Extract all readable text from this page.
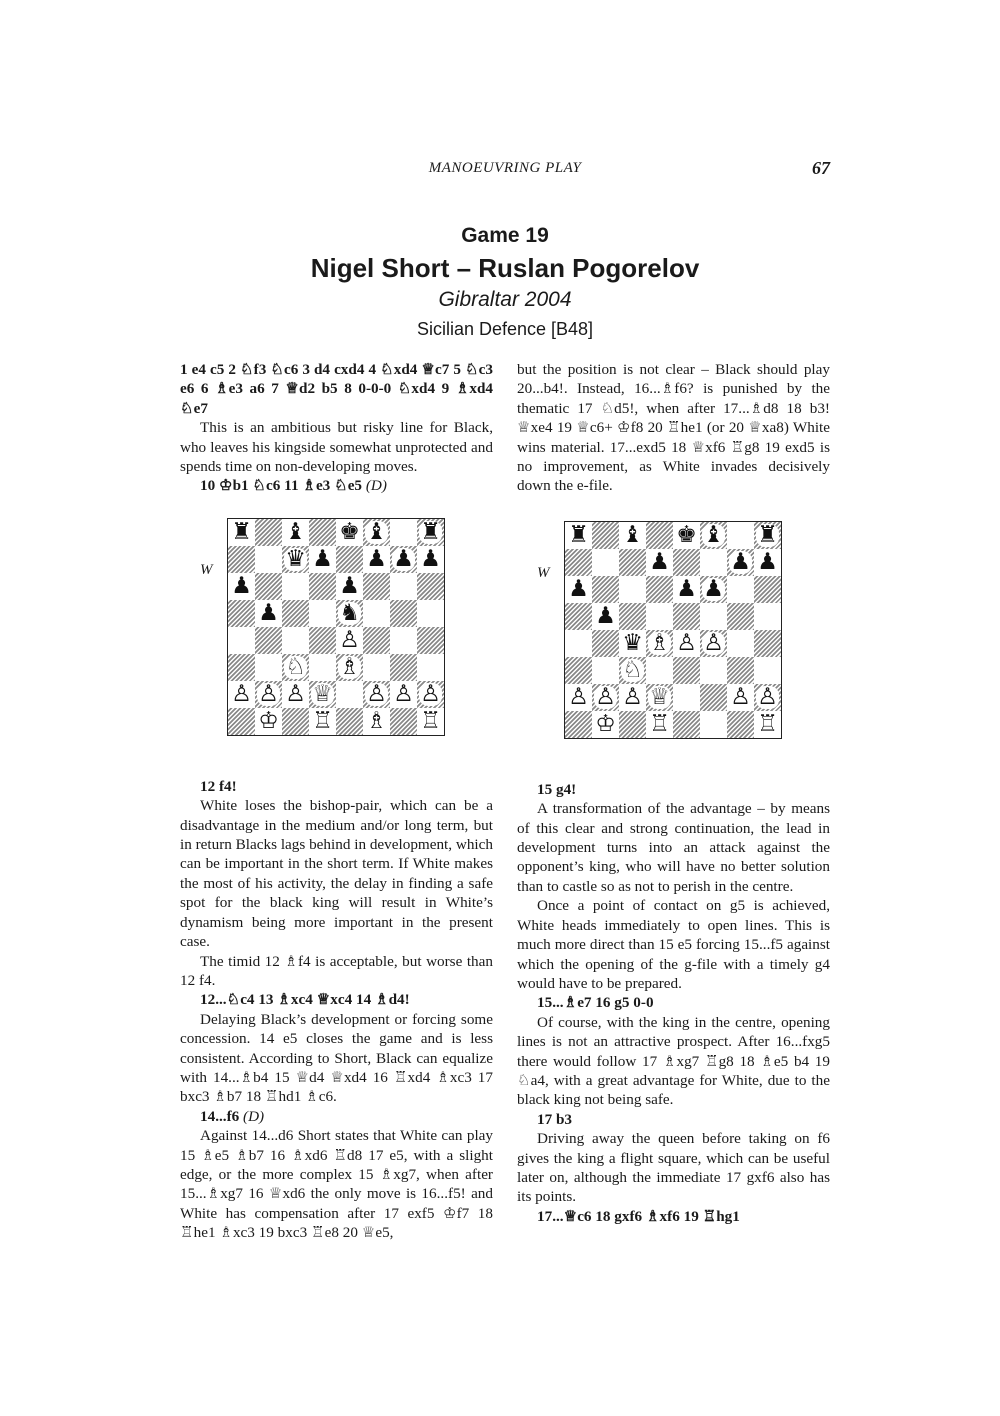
MANOEUVRING PLAY	67
Game 19
Nigel Short – Ruslan Pogorelov
Gibraltar 2004
Sicilian Defence [B48]

1 e4 c5 2 ♘f3 ♘c6 3 d4 cxd4 4 ♘xd4 ♕c7 5 ♘c3 e6 6 ♗e3 a6 7 ♕d2 b5 8 0-0-0 ♘xd4 9 ♗xd4 ♘e7

This is an ambitious but risky line for Black, who leaves his kingside somewhat unprotected and spends time on non-developing moves.

10 ♔b1 ♘c6 11 ♗e3 ♘e5 (D)

W
♜ ♝ ♚ ♝ ♜
♛ ♟ ♟ ♟ ♟
♟	♟
♟	♞
♙
♘ ♗
♙ ♙ ♙ ♕ ♙ ♙ ♙
♔ ♖ ♗ ♖

12 f4!

White loses the bishop-pair, which can be a disadvantage in the medium and/or long term, but in return Blacks lags behind in development, which can be important in the short term. If White makes the most of his activity, the delay in finding a safe spot for the black king will result in White’s dynamism being more important in the present case.

The timid 12 ♗f4 is acceptable, but worse than 12 f4.

12...♘c4 13 ♗xc4 ♕xc4 14 ♗d4!

Delaying Black’s development or forcing some concession. 14 e5 closes the game and is less consistent. According to Short, Black can equalize with 14...♗b4 15 ♕d4 ♕xd4 16 ♖xd4 ♗xc3 17 bxc3 ♗b7 18 ♖hd1 ♗c6.

14...f6 (D)

Against 14...d6 Short states that White can play 15 ♗e5 ♗b7 16 ♗xd6 ♖d8 17 e5, with a slight edge, or the more complex 15 ♗xg7, when after 15...♗xg7 16 ♕xd6 the only move is 16...f5! and White has compensation after 17 exf5 ♔f7 18 ♖he1 ♗xc3 19 bxc3 ♖e8 20 ♕e5,

but the position is not clear – Black should play 20...b4!. Instead, 16...♗f6? is punished by the thematic 17 ♘d5!, when after 17...♗d8 18 b3! ♕xe4 19 ♕c6+ ♔f8 20 ♖he1 (or 20 ♕xa8) White wins material. 17...exd5 18 ♕xf6 ♖g8 19 exd5 is no improvement, as White invades decisively down the e-file.

W
♜ ♝ ♚ ♝ ♜
♟	♟ ♟
♟	♟ ♟
♟
♛ ♗ ♙ ♙
♘
♙ ♙ ♙ ♕	♙ ♙
♔ ♖	♖

15 g4!

A transformation of the advantage – by means of this clear and strong continuation, the lead in development turns into an attack against the opponent’s king, who will have no better solution than to castle so as not to perish in the centre.

Once a point of contact on g5 is achieved, White heads immediately to open lines. This is much more direct than 15 e5 forcing 15...f5 against which the opening of the g-file with a timely g4 would have to be prepared.

15...♗e7 16 g5 0-0

Of course, with the king in the centre, opening lines is not an attractive prospect. After 16...fxg5 there would follow 17 ♗xg7 ♖g8 18 ♗e5 b4 19 ♘a4, with a great advantage for White, due to the black king not being safe.

17 b3

Driving away the queen before taking on f6 gives the king a flight square, which can be useful later on, although the immediate 17 gxf6 also has its points.

17...♕c6 18 gxf6 ♗xf6 19 ♖hg1
